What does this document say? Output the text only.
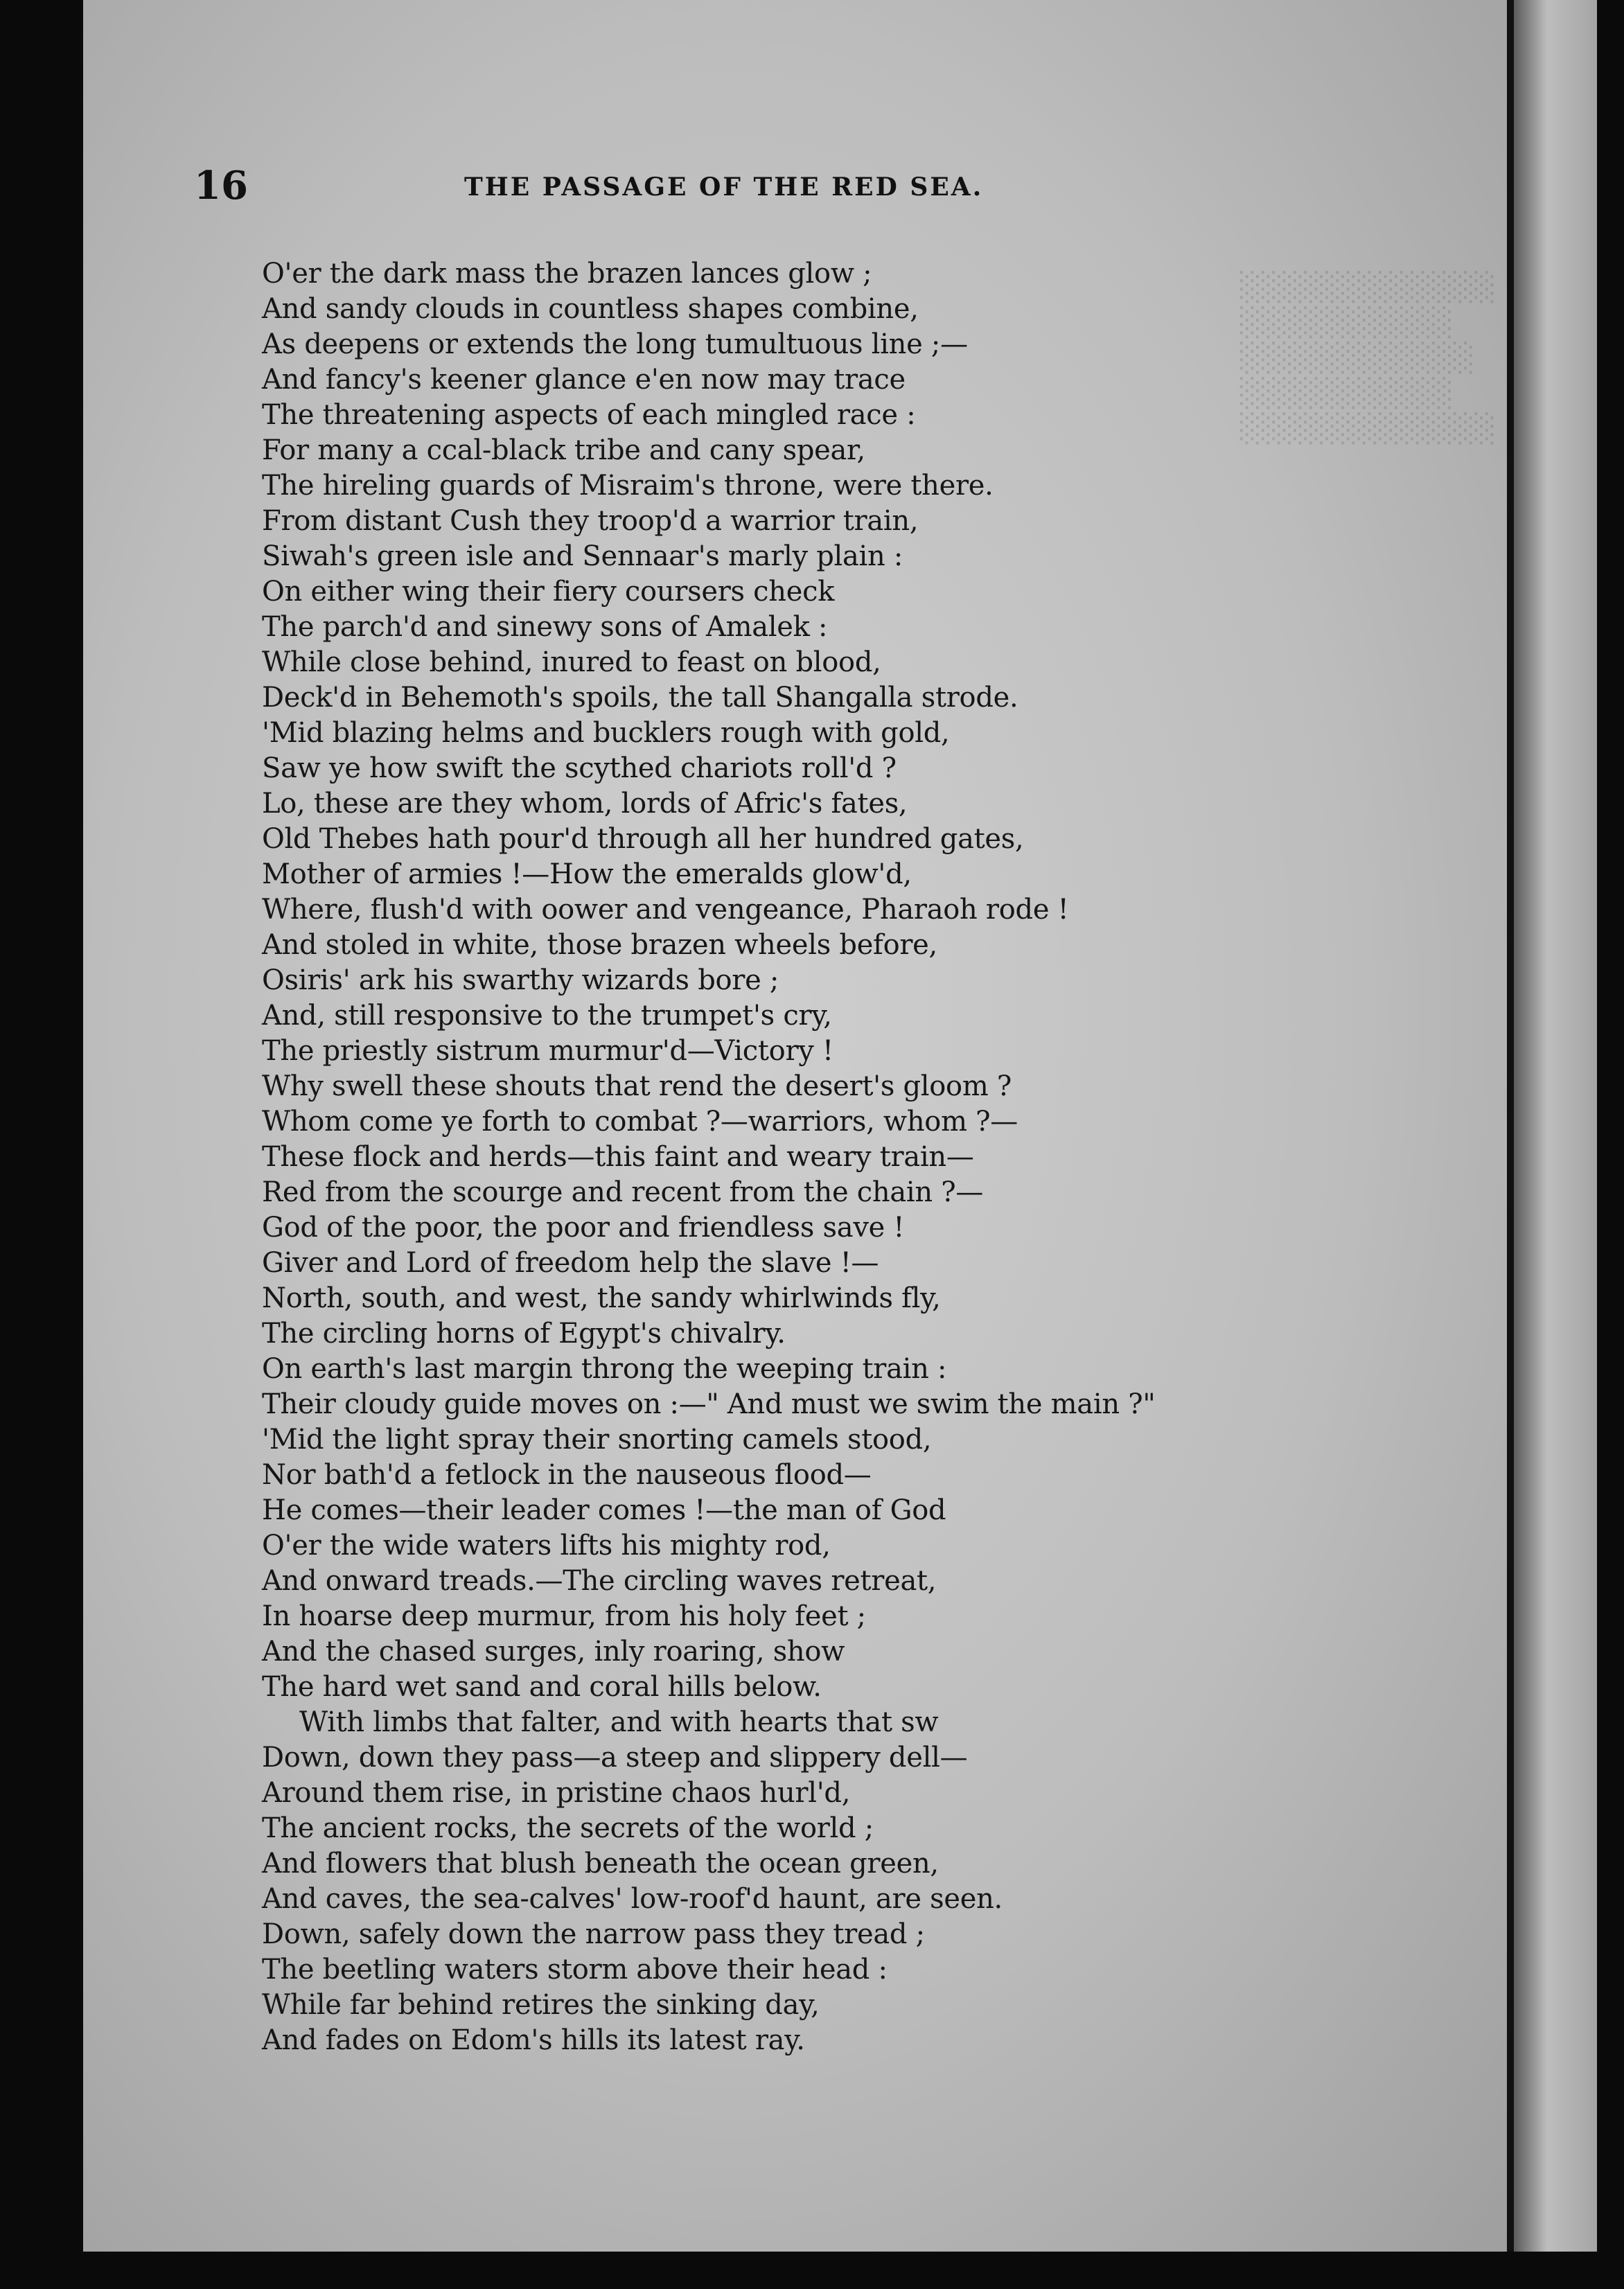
░░░░░░░░░░░░
░░░░░░░░░░
░░░░░░░░░░░
░░░░░░░░░░
░░░░░░░░░░░░
16	THE PASSAGE OF THE RED SEA.
O'er the dark mass the brazen lances glow ;
And sandy clouds in countless shapes combine,
As deepens or extends the long tumultuous line ;—
And fancy's keener glance e'en now may trace
The threatening aspects of each mingled race :
For many a ccal-black tribe and cany spear,
The hireling guards of Misraim's throne, were there.
From distant Cush they troop'd a warrior train,
Siwah's green isle and Sennaar's marly plain :
On either wing their fiery coursers check
The parch'd and sinewy sons of Amalek :
While close behind, inured to feast on blood,
Deck'd in Behemoth's spoils, the tall Shangalla strode.
'Mid blazing helms and bucklers rough with gold,
Saw ye how swift the scythed chariots roll'd ?
Lo, these are they whom, lords of Afric's fates,
Old Thebes hath pour'd through all her hundred gates,
Mother of armies !—How the emeralds glow'd,
Where, flush'd with oower and vengeance, Pharaoh rode !
And stoled in white, those brazen wheels before,
Osiris' ark his swarthy wizards bore ;
And, still responsive to the trumpet's cry,
The priestly sistrum murmur'd—Victory !
Why swell these shouts that rend the desert's gloom ?
Whom come ye forth to combat ?—warriors, whom ?—
These flock and herds—this faint and weary train—
Red from the scourge and recent from the chain ?—
God of the poor, the poor and friendless save !
Giver and Lord of freedom help the slave !—
North, south, and west, the sandy whirlwinds fly,
The circling horns of Egypt's chivalry.
On earth's last margin throng the weeping train :
Their cloudy guide moves on :—" And must we swim the main ?"
'Mid the light spray their snorting camels stood,
Nor bath'd a fetlock in the nauseous flood—
He comes—their leader comes !—the man of God
O'er the wide waters lifts his mighty rod,
And onward treads.—The circling waves retreat,
In hoarse deep murmur, from his holy feet ;
And the chased surges, inly roaring, show
The hard wet sand and coral hills below.
With limbs that falter, and with hearts that sw
Down, down they pass—a steep and slippery dell—
Around them rise, in pristine chaos hurl'd,
The ancient rocks, the secrets of the world ;
And flowers that blush beneath the ocean green,
And caves, the sea-calves' low-roof'd haunt, are seen.
Down, safely down the narrow pass they tread ;
The beetling waters storm above their head :
While far behind retires the sinking day,
And fades on Edom's hills its latest ray.
